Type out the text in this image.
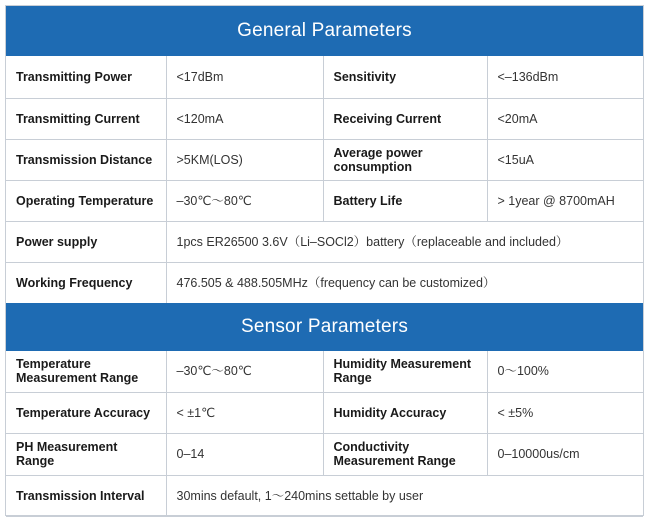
General Parameters
Transmitting Power	<17dBm	Sensitivity	<–136dBm
Transmitting Current	<120mA	Receiving Current	<20mA
Transmission Distance	>5KM(LOS)	Average power consumption	<15uA
Operating Temperature	–30℃～80℃	Battery Life	> 1year @ 8700mAH
Power supply	1pcs ER26500 3.6V（Li–SOCl2）battery（replaceable and included）		
Working Frequency	476.505 & 488.505MHz（frequency can be customized）		
Sensor Parameters
Temperature Measurement Range	–30℃～80℃	Humidity Measurement Range	0～100%
Temperature Accuracy	< ±1℃	Humidity Accuracy	< ±5%
PH Measurement Range	0–14	Conductivity Measurement Range	0–10000us/cm
Transmission Interval	30mins default, 1～240mins settable by user		
